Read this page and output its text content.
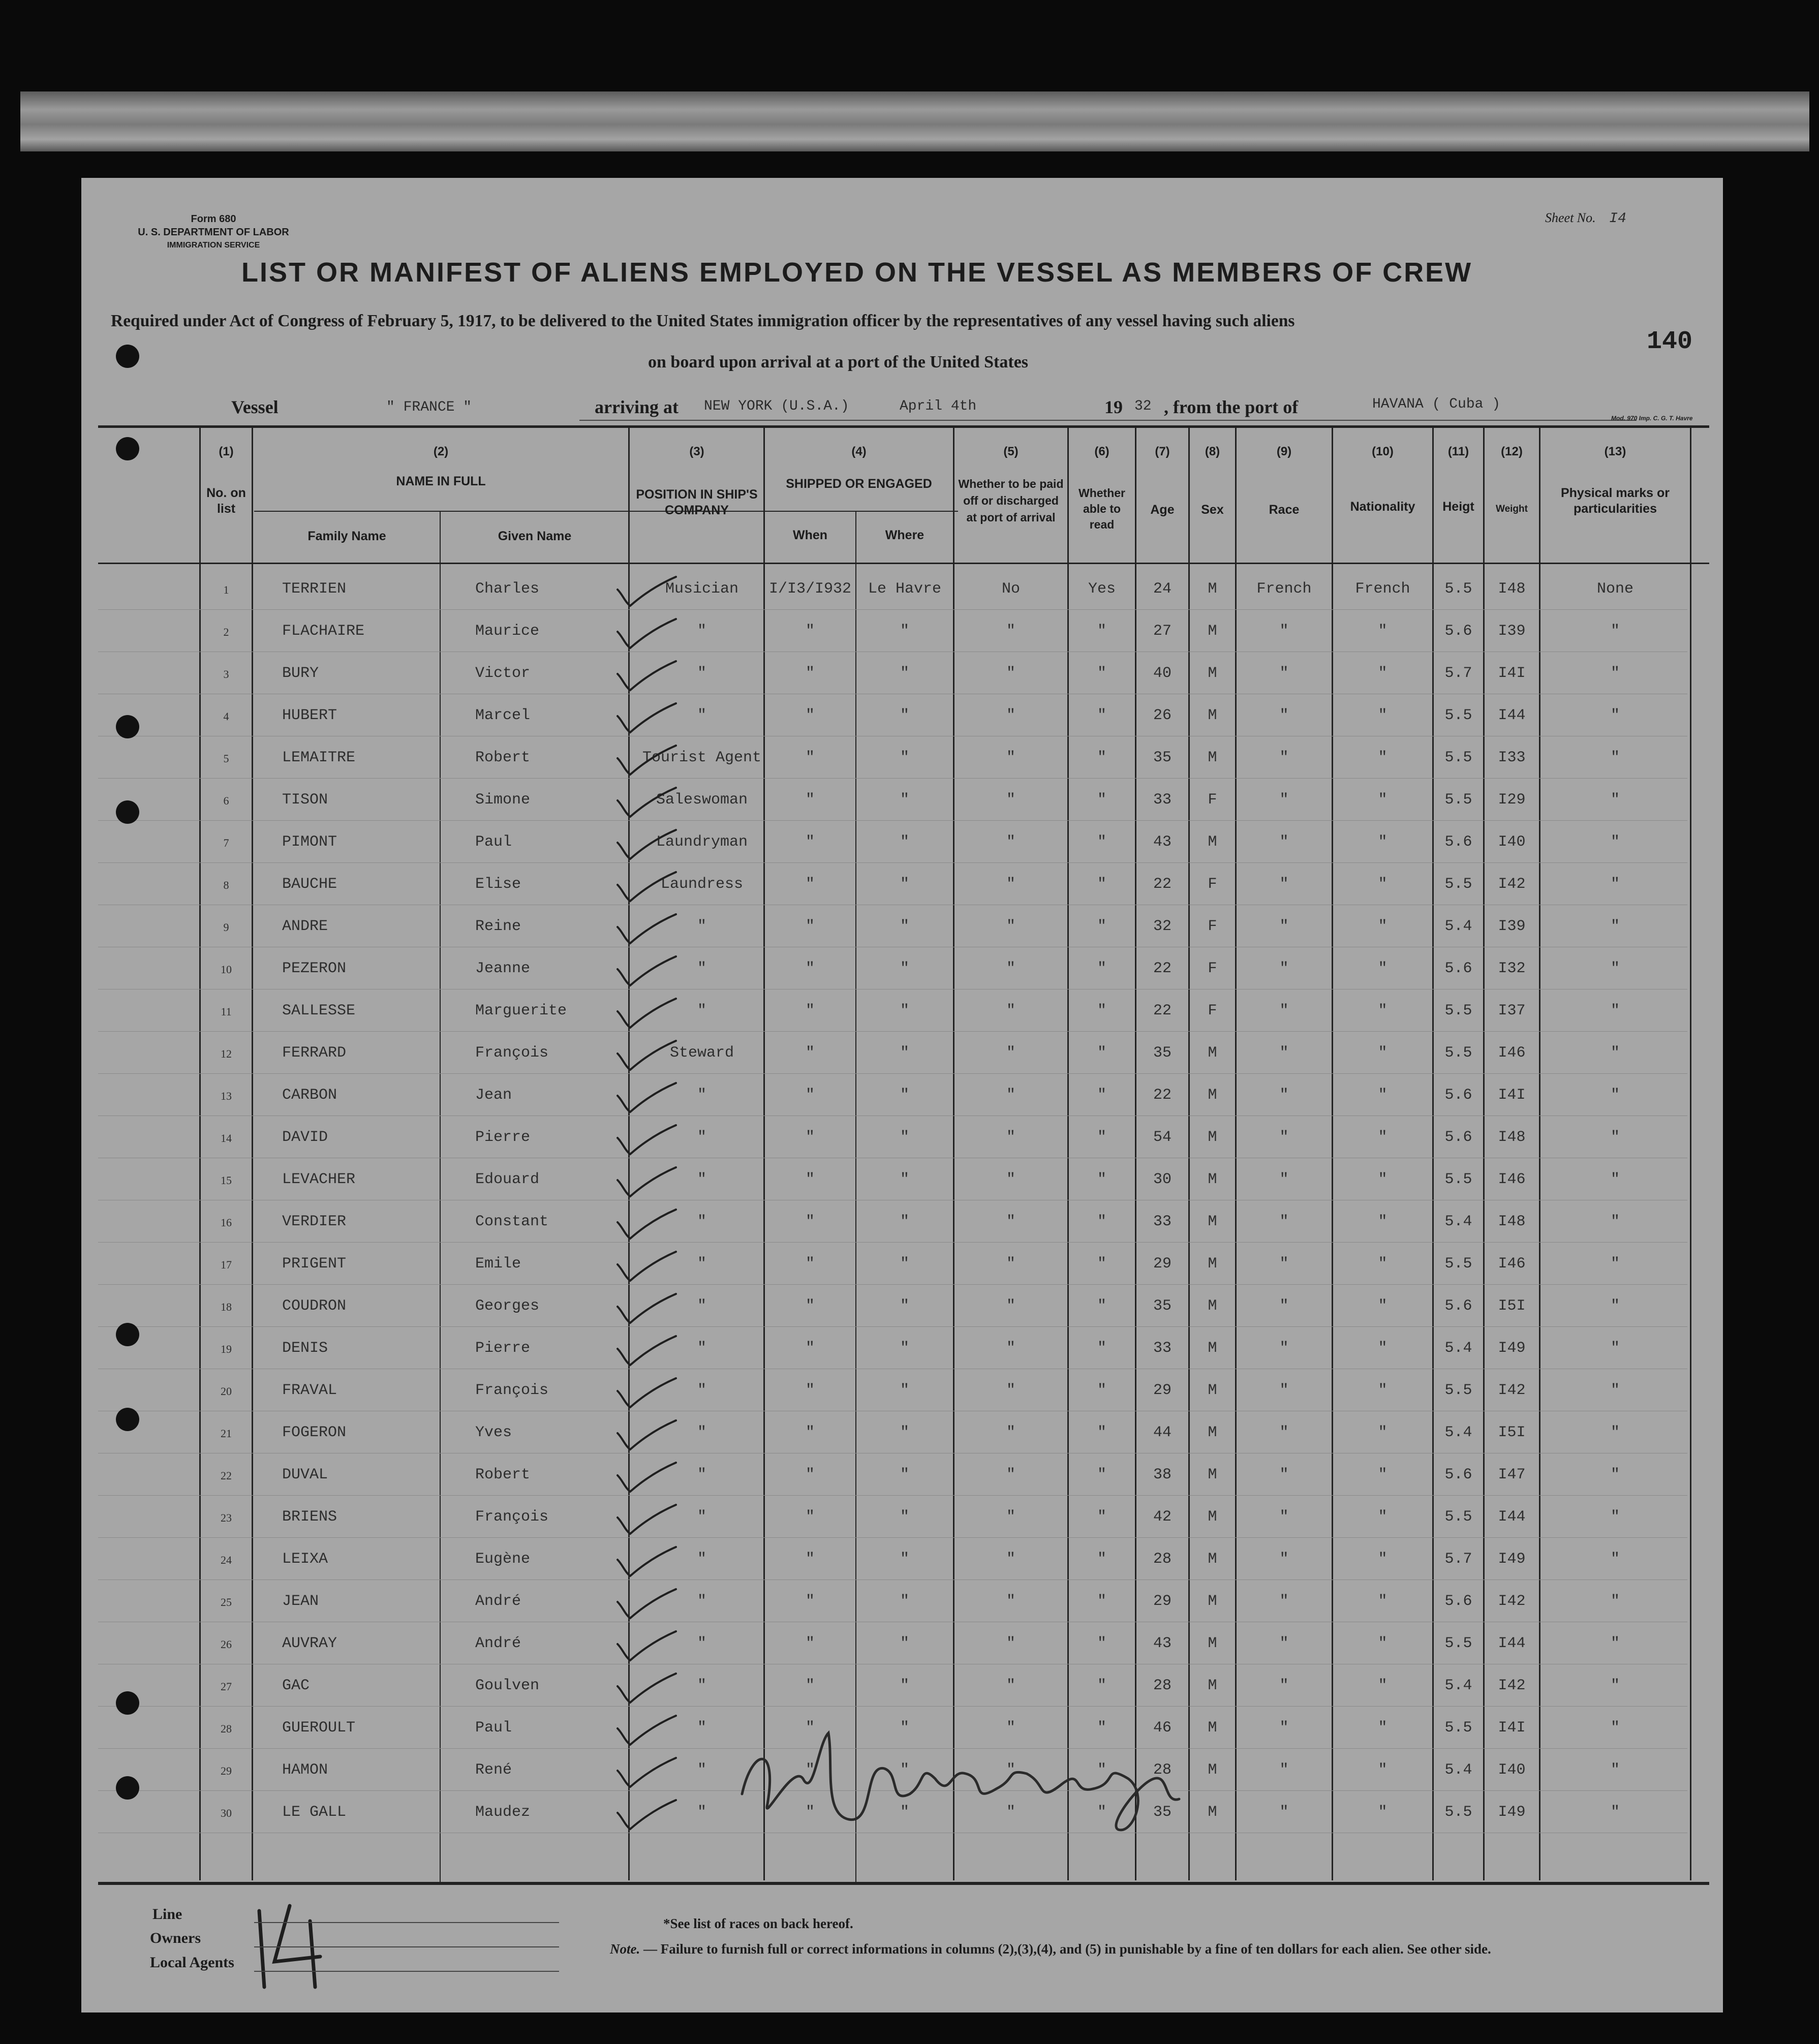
Form 680
U. S. DEPARTMENT OF LABOR
IMMIGRATION SERVICE
Sheet No. I4
140
LIST OR MANIFEST OF ALIENS EMPLOYED ON THE VESSEL AS MEMBERS OF CREW
Required under Act of Congress of February 5, 1917, to be delivered to the United States immigration officer by the representatives of any vessel having such aliens
on board upon arrival at a port of the United States
Vessel	" FRANCE "	arriving at NEW YORK (U.S.A.)	April 4th	19 32 , from the port of	HAVANA ( Cuba )
Mod. 970 Imp. C. G. T. Havre
(1)
No. on list
(2)
NAME IN FULL
Family Name	Given Name
(3)
POSITION IN SHIP'S COMPANY
(4)
SHIPPED OR ENGAGED
When	Where
(5)
Whether to be paid off or discharged at port of arrival
(6)
Whether able to read
(7)
Age
(8)
Sex
(9)
Race
(10)
Nationality
(11)
Heigt
(12)
Weight
(13)
Physical marks or particularities
1	TERRIEN	Charles	Musician	I/I3/I932	Le Havre	No	Yes	24	M	French	French	5.5	I48	None
2	FLACHAIRE	Maurice	"	"	"	"	"	27	M	"	"	5.6	I39	"
3	BURY	Victor	"	"	"	"	"	40	M	"	"	5.7	I4I	"
4	HUBERT	Marcel	"	"	"	"	"	26	M	"	"	5.5	I44	"
5	LEMAITRE	Robert	Tourist Agent	"	"	"	"	35	M	"	"	5.5	I33	"
6	TISON	Simone	Saleswoman	"	"	"	"	33	F	"	"	5.5	I29	"
7	PIMONT	Paul	Laundryman	"	"	"	"	43	M	"	"	5.6	I40	"
8	BAUCHE	Elise	Laundress	"	"	"	"	22	F	"	"	5.5	I42	"
9	ANDRE	Reine	"	"	"	"	"	32	F	"	"	5.4	I39	"
10	PEZERON	Jeanne	"	"	"	"	"	22	F	"	"	5.6	I32	"
11	SALLESSE	Marguerite	"	"	"	"	"	22	F	"	"	5.5	I37	"
12	FERRARD	François	Steward	"	"	"	"	35	M	"	"	5.5	I46	"
13	CARBON	Jean	"	"	"	"	"	22	M	"	"	5.6	I4I	"
14	DAVID	Pierre	"	"	"	"	"	54	M	"	"	5.6	I48	"
15	LEVACHER	Edouard	"	"	"	"	"	30	M	"	"	5.5	I46	"
16	VERDIER	Constant	"	"	"	"	"	33	M	"	"	5.4	I48	"
17	PRIGENT	Emile	"	"	"	"	"	29	M	"	"	5.5	I46	"
18	COUDRON	Georges	"	"	"	"	"	35	M	"	"	5.6	I5I	"
19	DENIS	Pierre	"	"	"	"	"	33	M	"	"	5.4	I49	"
20	FRAVAL	François	"	"	"	"	"	29	M	"	"	5.5	I42	"
21	FOGERON	Yves	"	"	"	"	"	44	M	"	"	5.4	I5I	"
22	DUVAL	Robert	"	"	"	"	"	38	M	"	"	5.6	I47	"
23	BRIENS	François	"	"	"	"	"	42	M	"	"	5.5	I44	"
24	LEIXA	Eugène	"	"	"	"	"	28	M	"	"	5.7	I49	"
25	JEAN	André	"	"	"	"	"	29	M	"	"	5.6	I42	"
26	AUVRAY	André	"	"	"	"	"	43	M	"	"	5.5	I44	"
27	GAC	Goulven	"	"	"	"	"	28	M	"	"	5.4	I42	"
28	GUEROULT	Paul	"	"	"	"	"	46	M	"	"	5.5	I4I	"
29	HAMON	René	"	"	"	"	"	28	M	"	"	5.4	I40	"
30	LE GALL	Maudez	"	"	"	"	"	35	M	"	"	5.5	I49	"
W J Montgomery Insp.
14
Line
Owners
Local Agents
*See list of races on back hereof.
Note. — Failure to furnish full or correct informations in columns (2),(3),(4), and (5) in punishable by a fine of ten dollars for each alien. See other side.
